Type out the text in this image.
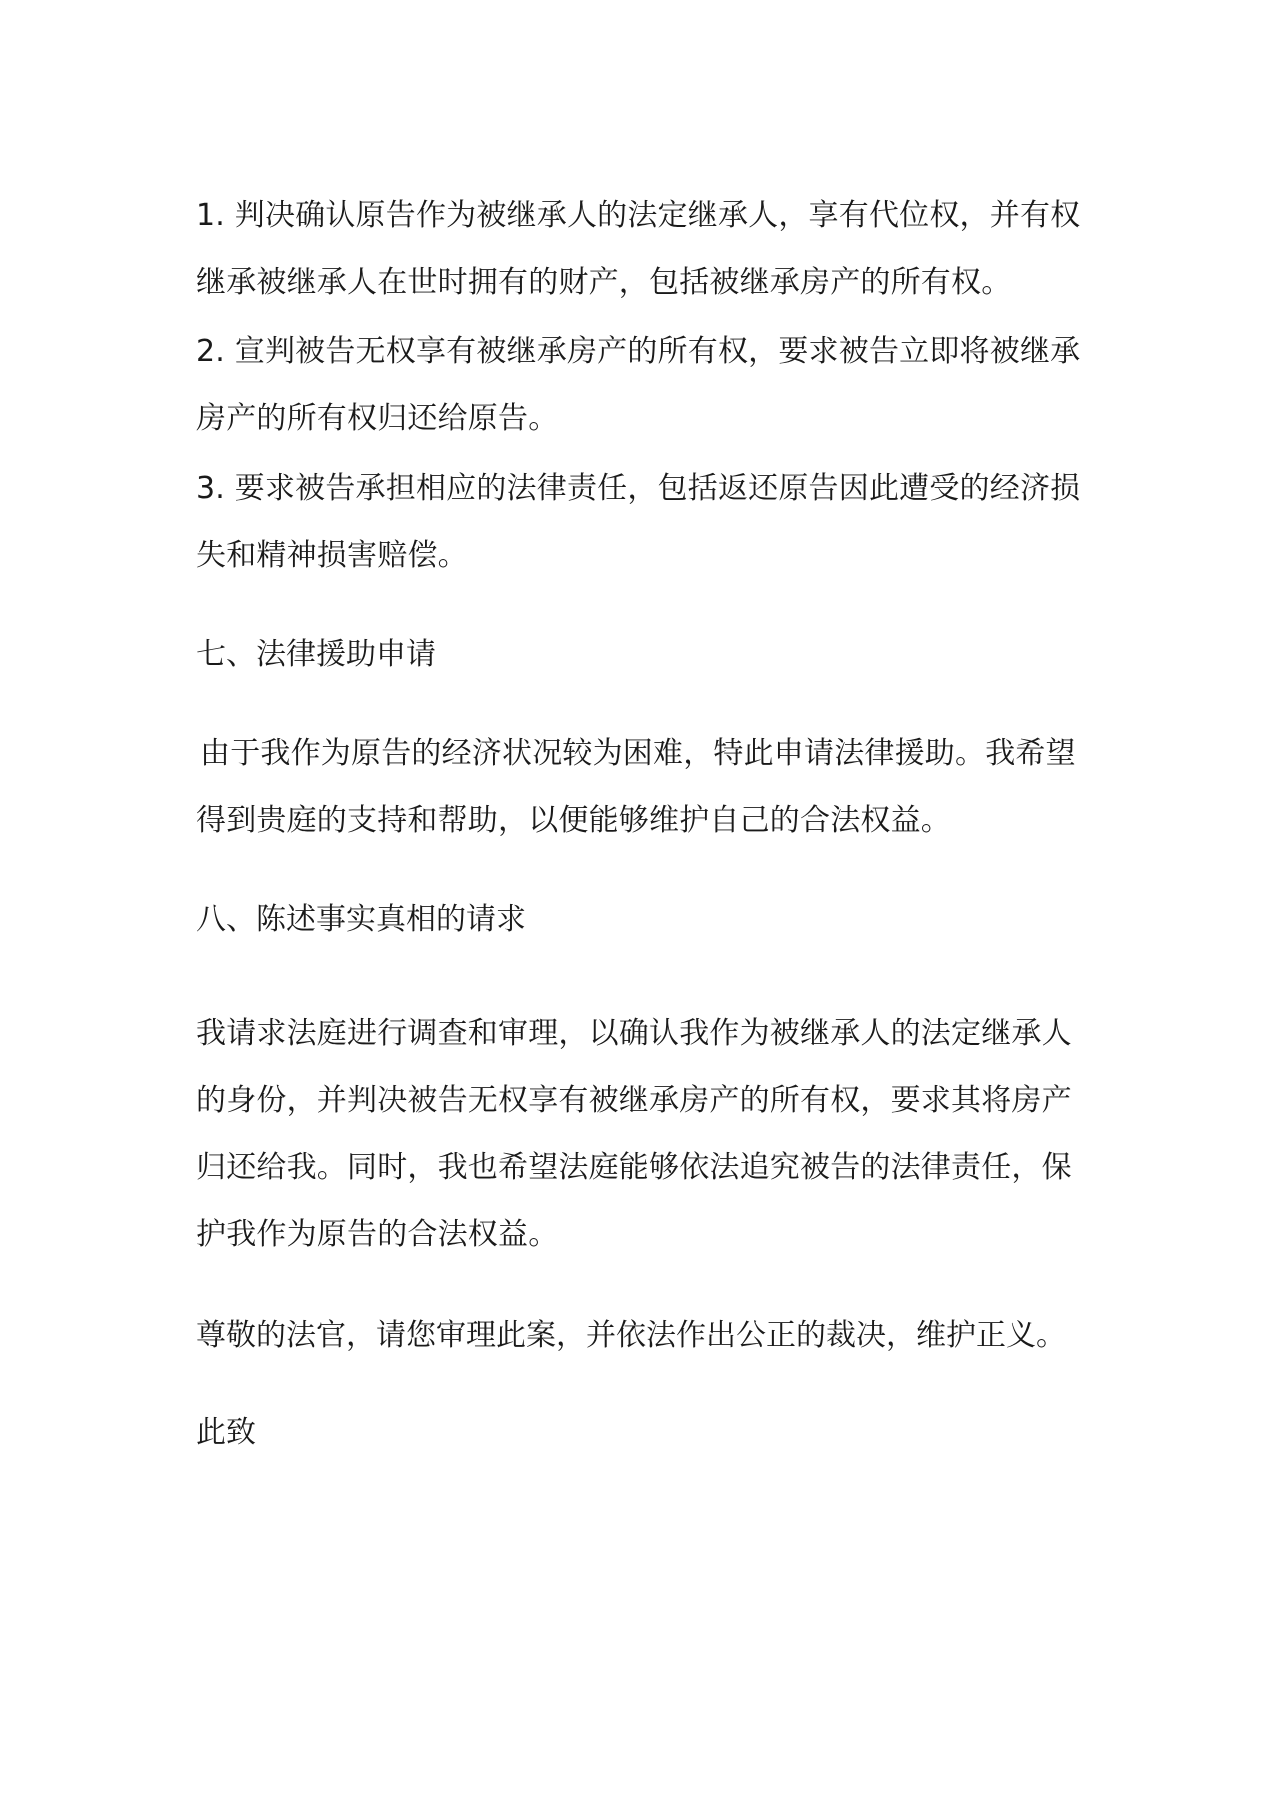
1. 判决确认原告作为被继承人的法定继承人，享有代位权，并有权
继承被继承人在世时拥有的财产，包括被继承房产的所有权。
2. 宣判被告无权享有被继承房产的所有权，要求被告立即将被继承
房产的所有权归还给原告。
3. 要求被告承担相应的法律责任，包括返还原告因此遭受的经济损
失和精神损害赔偿。
七、法律援助申请
由于我作为原告的经济状况较为困难，特此申请法律援助。我希望
得到贵庭的支持和帮助，以便能够维护自己的合法权益。
八、陈述事实真相的请求
我请求法庭进行调查和审理，以确认我作为被继承人的法定继承人
的身份，并判决被告无权享有被继承房产的所有权，要求其将房产
归还给我。同时，我也希望法庭能够依法追究被告的法律责任，保
护我作为原告的合法权益。
尊敬的法官，请您审理此案，并依法作出公正的裁决，维护正义。
此致
